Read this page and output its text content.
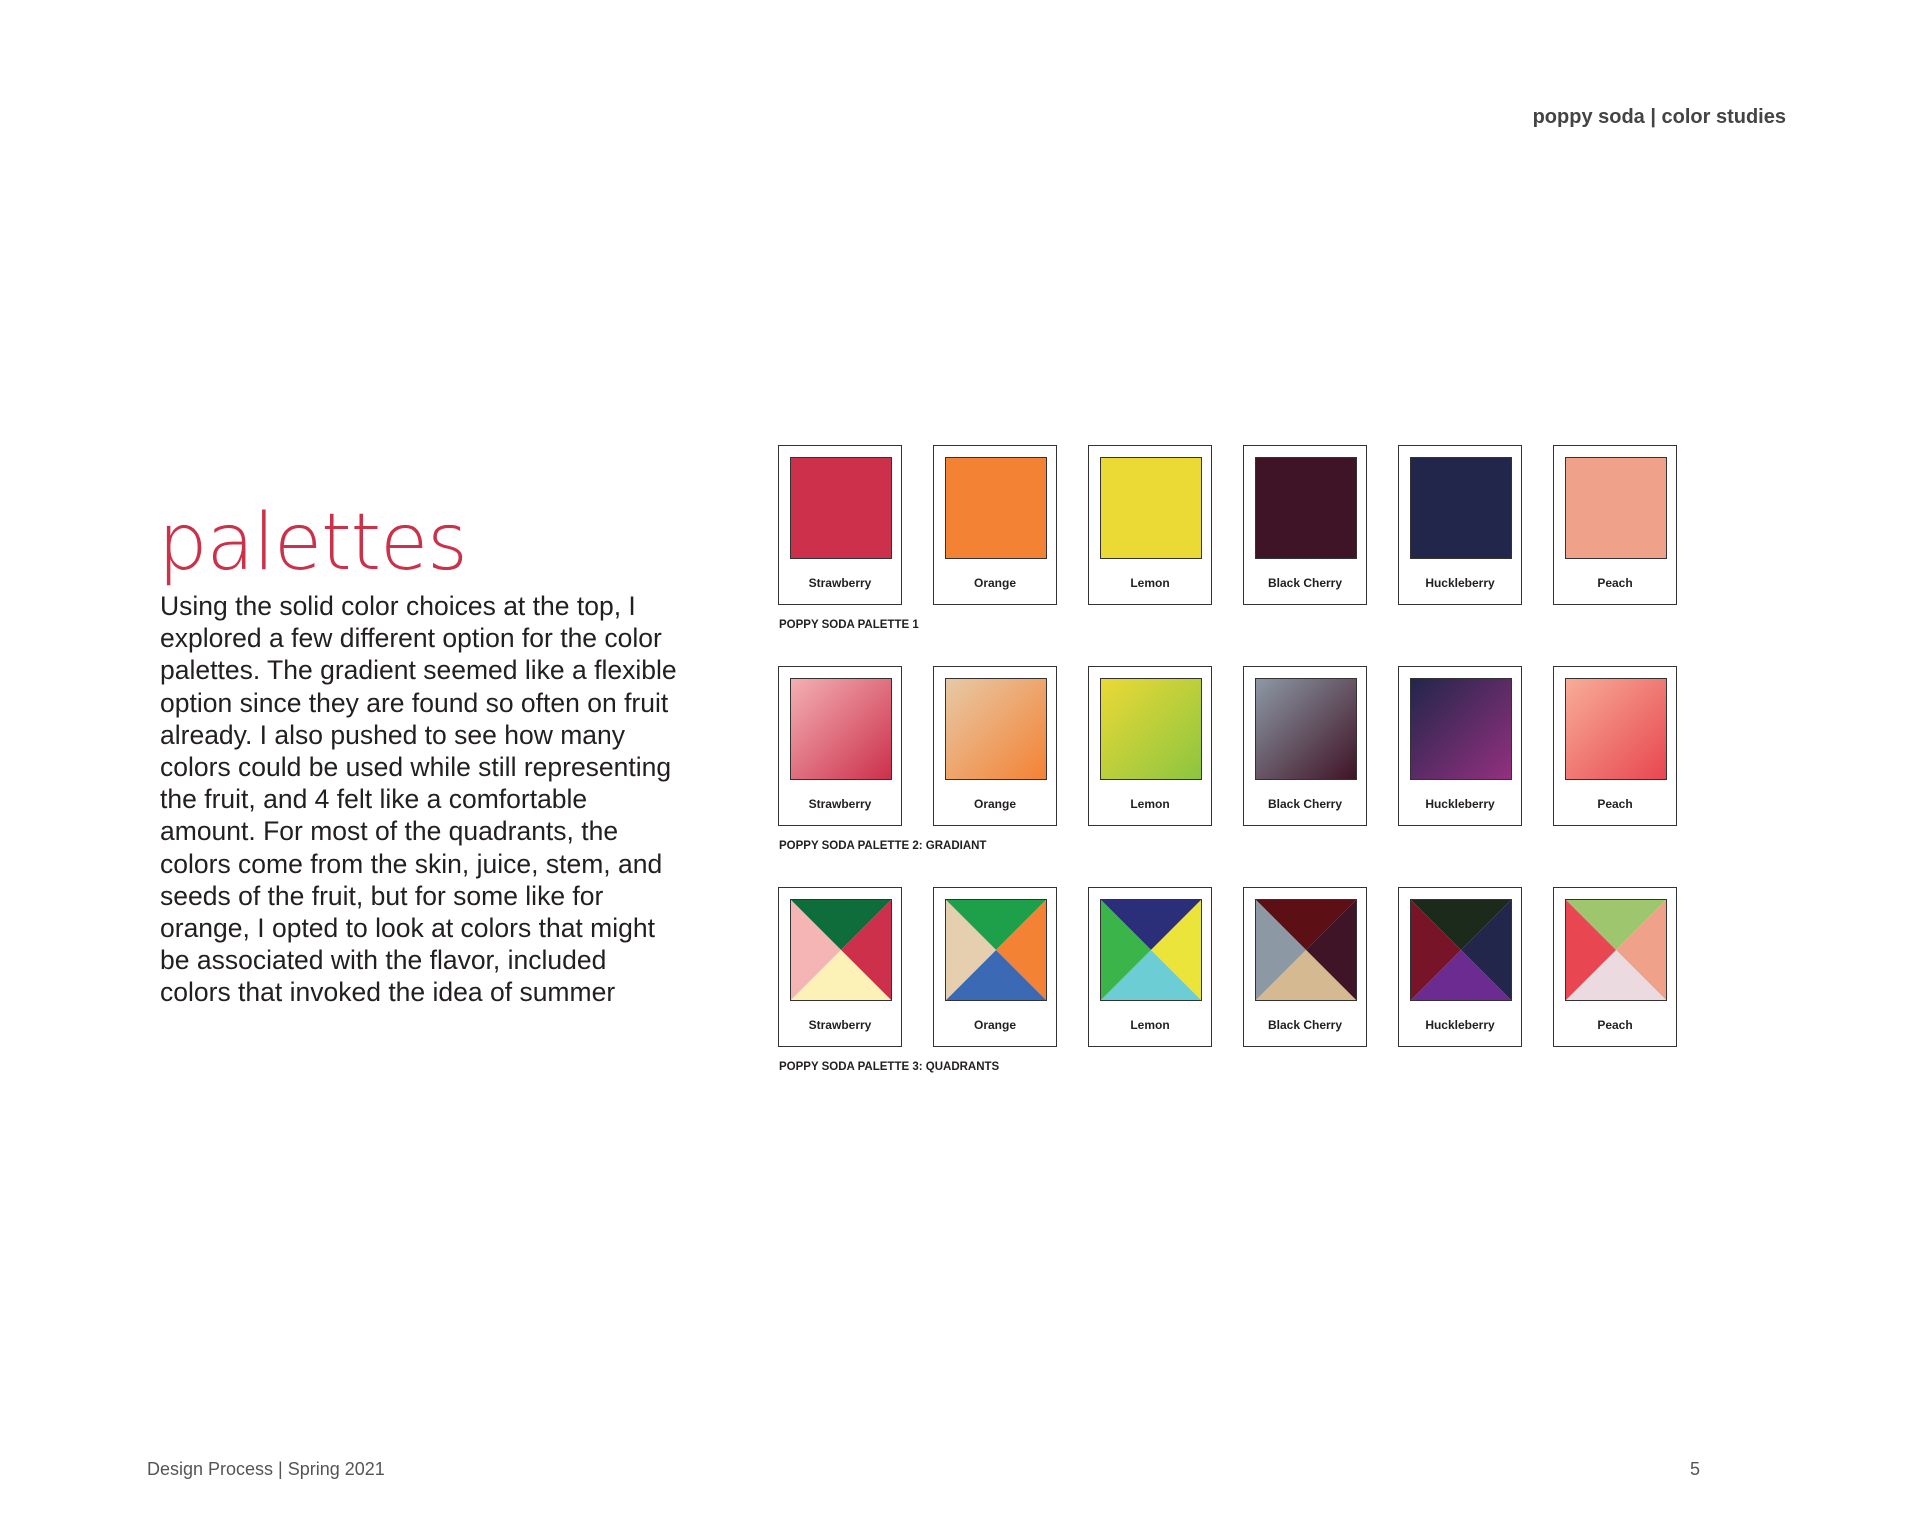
poppy soda | color studies
palettes

Using the solid color choices at the top, I explored a few different option for the color palettes. The gradient seemed like a flexible option since they are found so often on fruit already. I also pushed to see how many colors could be used while still representing the fruit, and 4 felt like a comfortable amount. For most of the quadrants, the colors come from the skin, juice, stem, and seeds of the fruit, but for some like for orange, I opted to look at colors that might be associated with the flavor, included colors that invoked the idea of summer

Strawberry	Orange	Lemon	Black Cherry	Huckleberry	Peach
POPPY SODA PALETTE 1
Strawberry	Orange	Lemon	Black Cherry	Huckleberry	Peach
POPPY SODA PALETTE 2: GRADIANT
Strawberry	Orange	Lemon	Black Cherry	Huckleberry	Peach
POPPY SODA PALETTE 3: QUADRANTS
Design Process | Spring 2021	5
